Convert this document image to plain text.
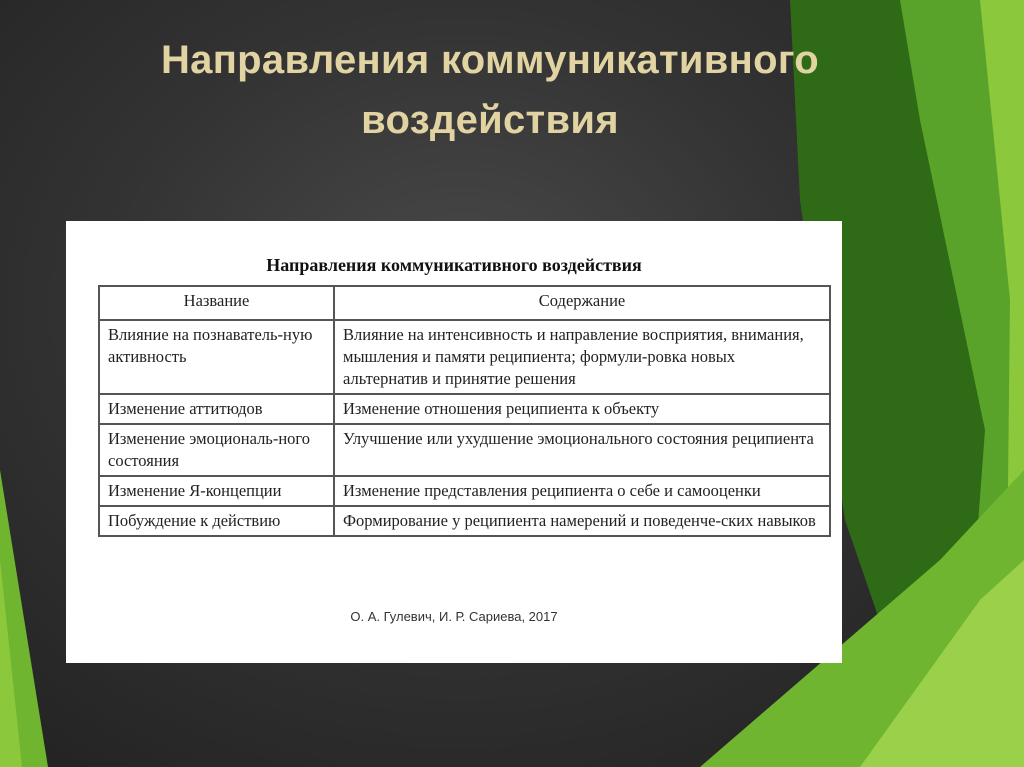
Направления коммуникативного
воздействия
Направления коммуникативного воздействия
Название	Содержание
Влияние на познаватель-ную активность	Влияние на интенсивность и направление восприятия, внимания, мышления и памяти реципиента; формули-ровка новых альтернатив и принятие решения
Изменение аттитюдов	Изменение отношения реципиента к объекту
Изменение эмоциональ-ного состояния	Улучшение или ухудшение эмоционального состояния реципиента
Изменение Я-концепции	Изменение представления реципиента о себе и самооценки
Побуждение к действию	Формирование у реципиента намерений и поведенче-ских навыков
О. А. Гулевич, И. Р. Сариева, 2017
